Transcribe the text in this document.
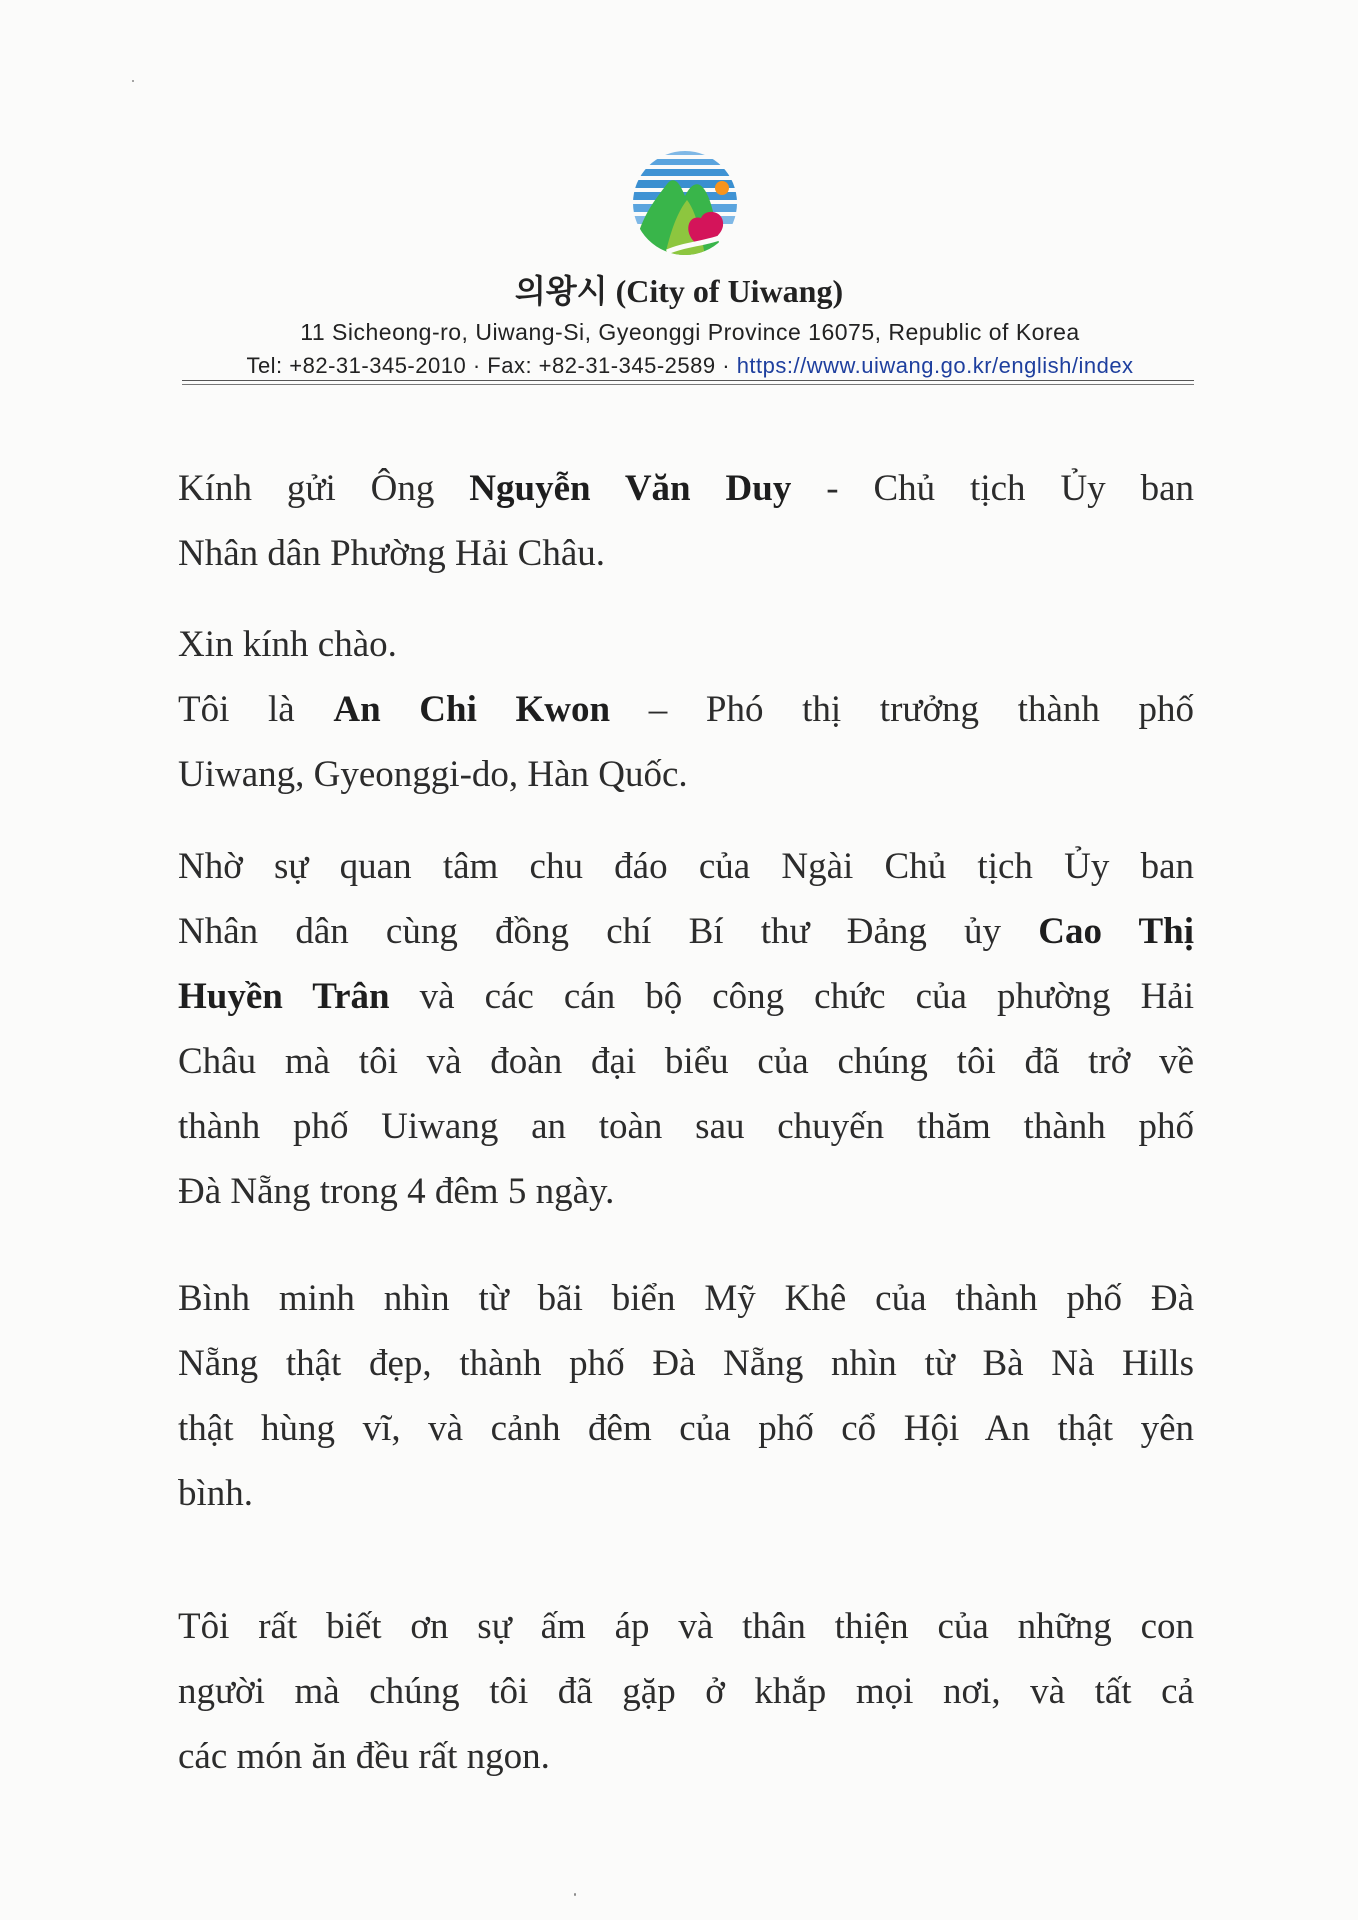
의왕시 (City of Uiwang)
11 Sicheong-ro, Uiwang-Si, Gyeonggi Province 16075, Republic of Korea
Tel: +82-31-345-2010 · Fax: +82-31-345-2589 · https://www.uiwang.go.kr/english/index
Kính gửi Ông Nguyễn Văn Duy - Chủ tịch Ủy ban
Nhân dân Phường Hải Châu.
Xin kính chào.
Tôi là An Chi Kwon – Phó thị trưởng thành phố
Uiwang, Gyeonggi-do, Hàn Quốc.
Nhờ sự quan tâm chu đáo của Ngài Chủ tịch Ủy ban
Nhân dân cùng đồng chí Bí thư Đảng ủy Cao Thị
Huyền Trân và các cán bộ công chức của phường Hải
Châu mà tôi và đoàn đại biểu của chúng tôi đã trở về
thành phố Uiwang an toàn sau chuyến thăm thành phố
Đà Nẵng trong 4 đêm 5 ngày.
Bình minh nhìn từ bãi biển Mỹ Khê của thành phố Đà
Nẵng thật đẹp, thành phố Đà Nẵng nhìn từ Bà Nà Hills
thật hùng vĩ, và cảnh đêm của phố cổ Hội An thật yên
bình.
Tôi rất biết ơn sự ấm áp và thân thiện của những con
người mà chúng tôi đã gặp ở khắp mọi nơi, và tất cả
các món ăn đều rất ngon.
